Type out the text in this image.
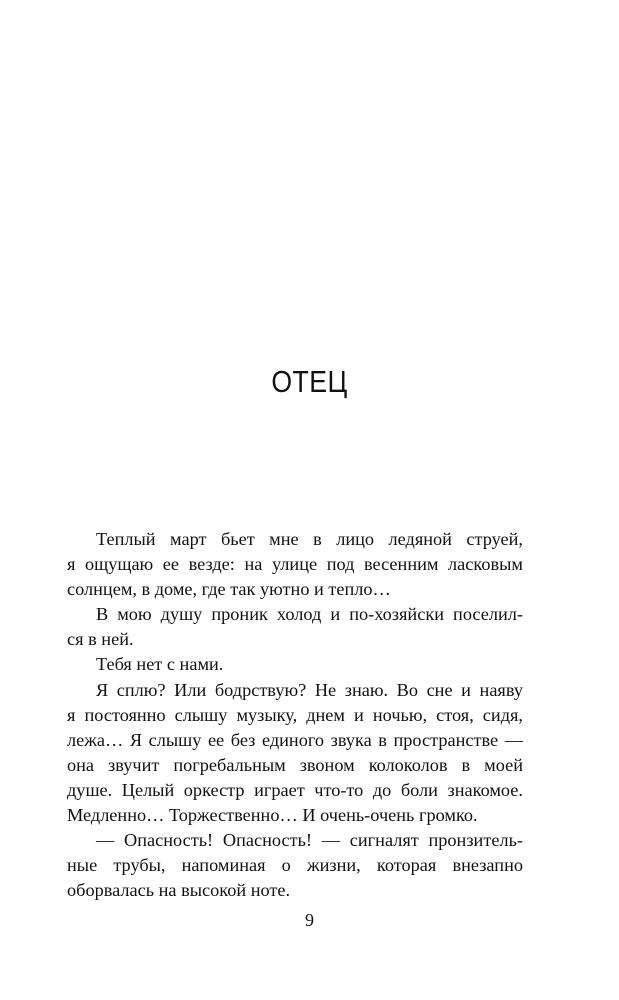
ОТЕЦ
Теплый март бьет мне в лицо ледяной струей,
я ощущаю ее везде: на улице под весенним ласковым
солнцем, в доме, где так уютно и тепло…
В мою душу проник холод и по-хозяйски поселил-
ся в ней.
Тебя нет с нами.
Я сплю? Или бодрствую? Не знаю. Во сне и наяву
я постоянно слышу музыку, днем и ночью, стоя, сидя,
лежа… Я слышу ее без единого звука в пространстве —
она звучит погребальным звоном колоколов в моей
душе. Целый оркестр играет что-то до боли знакомое.
Медленно… Торжественно… И очень-очень громко.
— Опасность! Опасность! — сигналят пронзитель-
ные трубы, напоминая о жизни, которая внезапно
оборвалась на высокой ноте.
9
